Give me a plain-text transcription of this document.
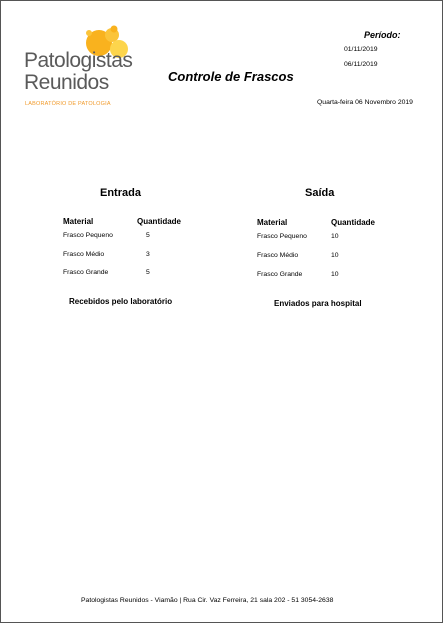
Patologistas
Reunidos
LABORATÓRIO DE PATOLOGIA
Período:
01/11/2019
06/11/2019
Controle de Frascos
Quarta-feira 06 Novembro 2019
Entrada
Material	Quantidade
Frasco Pequeno	5
Frasco Médio	3
Frasco Grande	5
Recebidos pelo laboratório
Saída
Material	Quantidade
Frasco Pequeno	10
Frasco Médio	10
Frasco Grande	10
Enviados para hospital
Patologistas Reunidos - Viamão | Rua Cir. Vaz Ferreira, 21 sala 202 - 51 3054-2638
